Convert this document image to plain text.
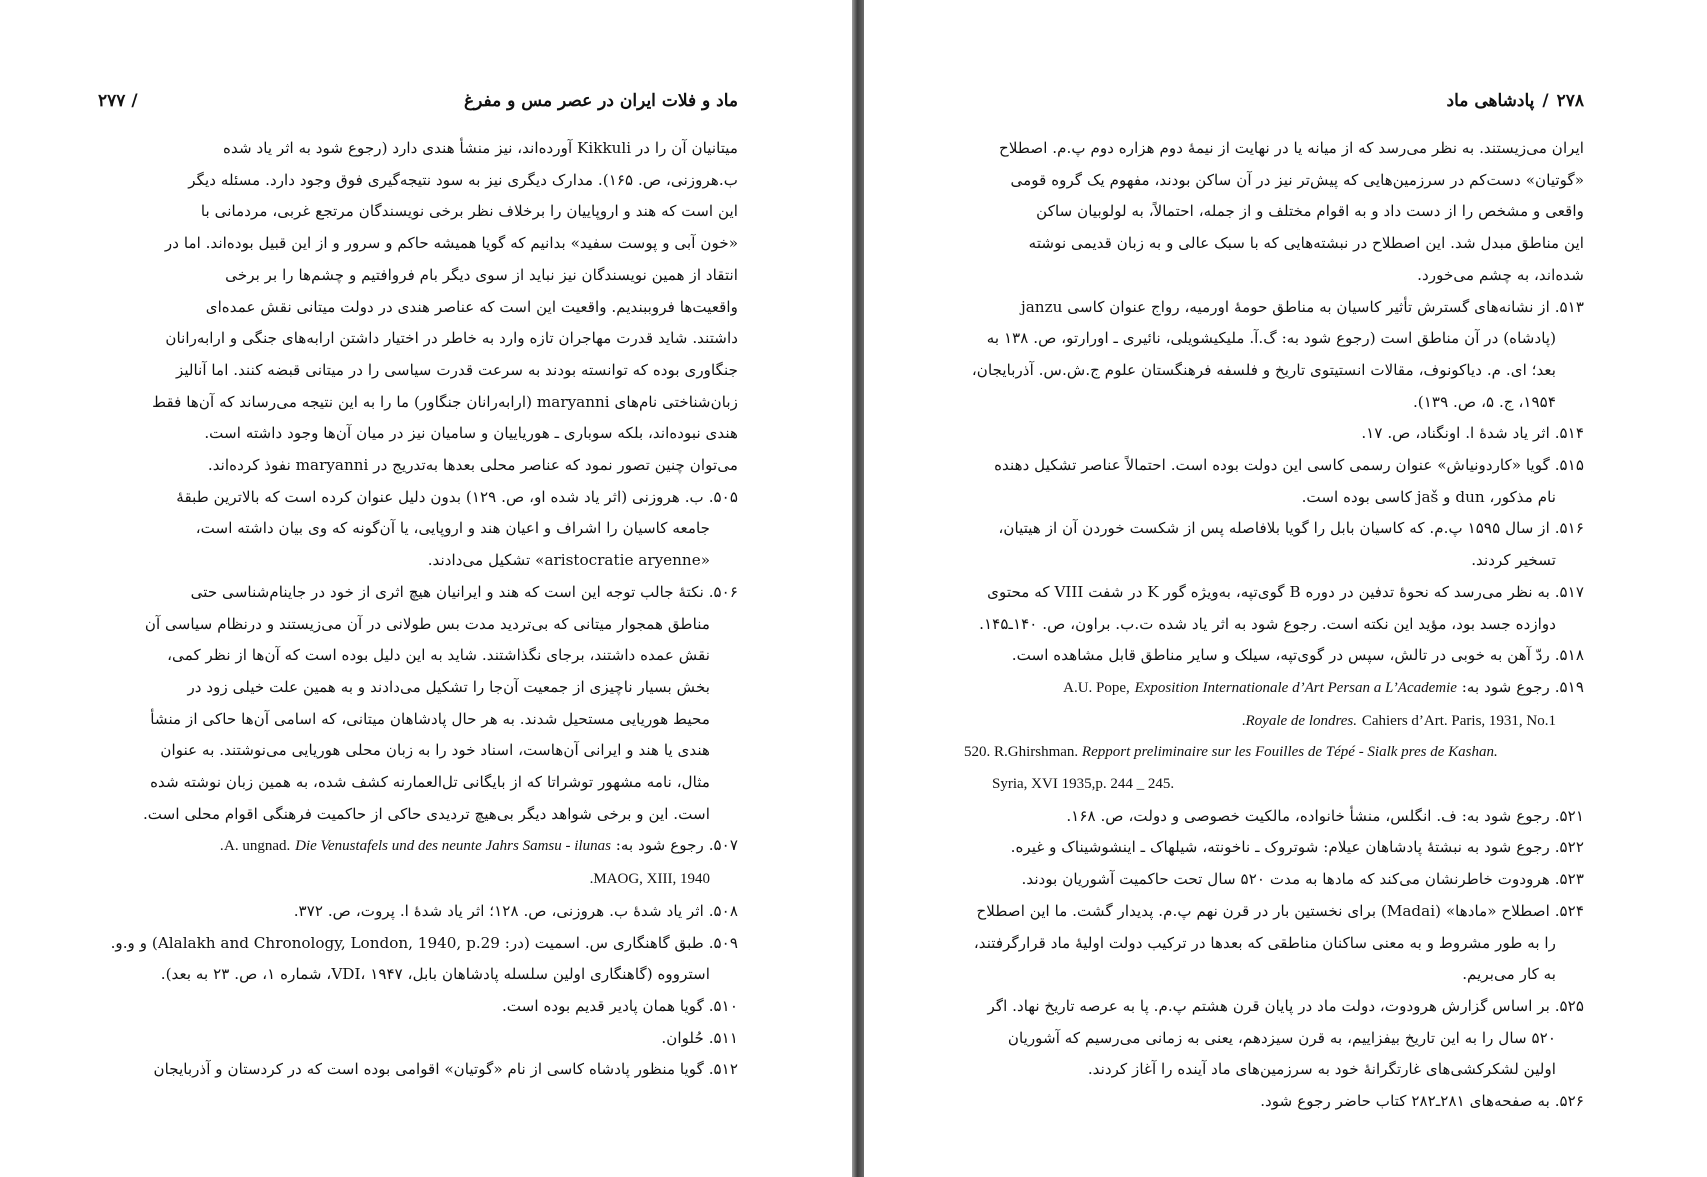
ماد و فلات ایران در عصر مس و مفرغ
/ ۲۷۷
میتانیان آن را در Kikkuli آورده‌اند، نیز منشأ هندی دارد (رجوع شود به اثر یاد شده
ب.هروزنی، ص. ۱۶۵). مدارک دیگری نیز به سود نتیجه‌گیری فوق وجود دارد. مسئله دیگر
این است که هند و اروپاییان را برخلاف نظر برخی نویسندگان مرتجع غربی، مردمانی با
«خون آبی و پوست سفید» بدانیم که گویا همیشه حاکم و سرور و از این قبیل بوده‌اند. اما در
انتقاد از همین نویسندگان نیز نباید از سوی دیگر بام فروافتیم و چشم‌ها را بر برخی
واقعیت‌ها فروببندیم. واقعیت این است که عناصر هندی در دولت میتانی نقش عمده‌ای
داشتند. شاید قدرت مهاجران تازه وارد به خاطر در اختیار داشتن ارابه‌های جنگی و ارابه‌رانان
جنگاوری بوده که توانسته بودند به سرعت قدرت سیاسی را در میتانی قبضه کنند. اما آنالیز
زبان‌شناختی نام‌های maryanni (ارابه‌رانان جنگاور) ما را به این نتیجه می‌رساند که آن‌ها فقط
هندی نبوده‌اند، بلکه سوباری ـ هوریاییان و سامیان نیز در میان آن‌ها وجود داشته است.
می‌توان چنین تصور نمود که عناصر محلی بعدها به‌تدریج در maryanni نفوذ کرده‌اند.
۵۰۵. ب. هروزنی (اثر یاد شده او، ص. ۱۲۹) بدون دلیل عنوان کرده است که بالاترین طبقهٔ
جامعه کاسیان را اشراف و اعیان هند و اروپایی، یا آن‌گونه که وی بیان داشته است،
«aristocratie aryenne» تشکیل می‌دادند.
۵۰۶. نکتهٔ جالب توجه این است که هند و ایرانیان هیچ اثری از خود در جاینام‌شناسی حتی
مناطق همجوار میتانی که بی‌تردید مدت بس طولانی در آن می‌زیستند و درنظام سیاسی آن
نقش عمده داشتند، برجای نگذاشتند. شاید به این دلیل بوده است که آن‌ها از نظر کمی،
بخش بسیار ناچیزی از جمعیت آن‌جا را تشکیل می‌دادند و به همین علت خیلی زود در
محیط هوریایی مستحیل شدند. به هر حال پادشاهان میتانی، که اسامی آن‌ها حاکی از منشأ
هندی یا هند و ایرانی آن‌هاست، اسناد خود را به زبان محلی هوریایی می‌نوشتند. به عنوان
مثال، نامه مشهور توشراتا که از بایگانی تل‌العمارنه کشف شده، به همین زبان نوشته شده
است. این و برخی شواهد دیگر بی‌هیچ تردیدی حاکی از حاکمیت فرهنگی اقوام محلی است.
۵۰۷. رجوع شود به: A. ungnad. Die Venustafels und des neunte Jahrs Samsu - ilunas.
MAOG, XIII, 1940.
۵۰۸. اثر یاد شدهٔ ب. هروزنی، ص. ۱۲۸؛ اثر یاد شدهٔ ا. پروت، ص. ۳۷۲.
۵۰۹. طبق گاهنگاری س. اسمیت (در: Alalakh and Chronology, London, 1940, p.29) و و.و.
استرووه (گاهنگاری اولین سلسله پادشاهان بابل، VDI، ۱۹۴۷، شماره ۱، ص. ۲۳ به بعد).
۵۱۰. گویا همان پادیر قدیم بوده است.
۵۱۱. حُلوان.
۵۱۲. گویا منظور پادشاه کاسی از نام «گوتیان» اقوامی بوده است که در کردستان و آذربایجان
۲۷۸
/
پادشاهی ماد
ایران می‌زیستند. به نظر می‌رسد که از میانه یا در نهایت از نیمهٔ دوم هزاره دوم پ.م. اصطلاح
«گوتیان» دست‌کم در سرزمین‌هایی که پیش‌تر نیز در آن ساکن بودند، مفهوم یک گروه قومی
واقعی و مشخص را از دست داد و به اقوام مختلف و از جمله، احتمالاً، به لولوبیان ساکن
این مناطق مبدل شد. این اصطلاح در نبشته‌هایی که با سبک عالی و به زبان قدیمی نوشته
شده‌اند، به چشم می‌خورد.
۵۱۳. از نشانه‌های گسترش تأثیر کاسیان به مناطق حومهٔ اورمیه، رواج عنوان کاسی janzu
(پادشاه) در آن مناطق است (رجوع شود به: گ.آ. ملیکیشویلی، نائیری ـ اورارتو، ص. ۱۳۸ به
بعد؛ ای. م. دیاکونوف، مقالات انستیتوی تاریخ و فلسفه فرهنگستان علوم ج.ش.س. آذربایجان،
۱۹۵۴، ج. ۵، ص. ۱۳۹).
۵۱۴. اثر یاد شدهٔ ا. اونگناد، ص. ۱۷.
۵۱۵. گویا «کاردونیاش» عنوان رسمی کاسی این دولت بوده است. احتمالاً عناصر تشکیل دهنده
نام مذکور، dun و jaš کاسی بوده است.
۵۱۶. از سال ۱۵۹۵ پ.م. که کاسیان بابل را گویا بلافاصله پس از شکست خوردن آن از هیتیان،
تسخیر کردند.
۵۱۷. به نظر می‌رسد که نحوهٔ تدفین در دوره B گوی‌تپه، به‌ویژه گور K در شفت VIII که محتوی
دوازده جسد بود، مؤید این نکته است. رجوع شود به اثر یاد شده ت.ب. براون، ص. ۱۴۰ـ۱۴۵.
۵۱۸. ردّ آهن به خوبی در تالش، سپس در گوی‌تپه، سیلک و سایر مناطق قابل مشاهده است.
۵۱۹. رجوع شود به: A.U. Pope, Exposition Internationale d’Art Persan a L’Academie
Royale de londres. Cahiers d’Art. Paris, 1931, No.1.
520. R.Ghirshman. Repport preliminaire sur les Fouilles de Tépé - Sialk pres de Kashan.
Syria, XVI 1935,p. 244 _ 245.
۵۲۱. رجوع شود به: ف. انگلس، منشأ خانواده، مالکیت خصوصی و دولت، ص. ۱۶۸.
۵۲۲. رجوع شود به نبشتهٔ پادشاهان عیلام: شوتروک ـ ناخونته، شیلهاک ـ اینشوشیناک و غیره.
۵۲۳. هرودوت خاطرنشان می‌کند که مادها به مدت ۵۲۰ سال تحت حاکمیت آشوریان بودند.
۵۲۴. اصطلاح «مادها» (Madai) برای نخستین بار در قرن نهم پ.م. پدیدار گشت. ما این اصطلاح
را به طور مشروط و به معنی ساکنان مناطقی که بعدها در ترکیب دولت اولیهٔ ماد قرارگرفتند،
به کار می‌بریم.
۵۲۵. بر اساس گزارش هرودوت، دولت ماد در پایان قرن هشتم پ.م. پا به عرصه تاریخ نهاد. اگر
۵۲۰ سال را به این تاریخ بیفزاییم، به قرن سیزدهم، یعنی به زمانی می‌رسیم که آشوریان
اولین لشکرکشی‌های غارتگرانهٔ خود به سرزمین‌های ماد آینده را آغاز کردند.
۵۲۶. به صفحه‌های ۲۸۱ـ۲۸۲ کتاب حاضر رجوع شود.
